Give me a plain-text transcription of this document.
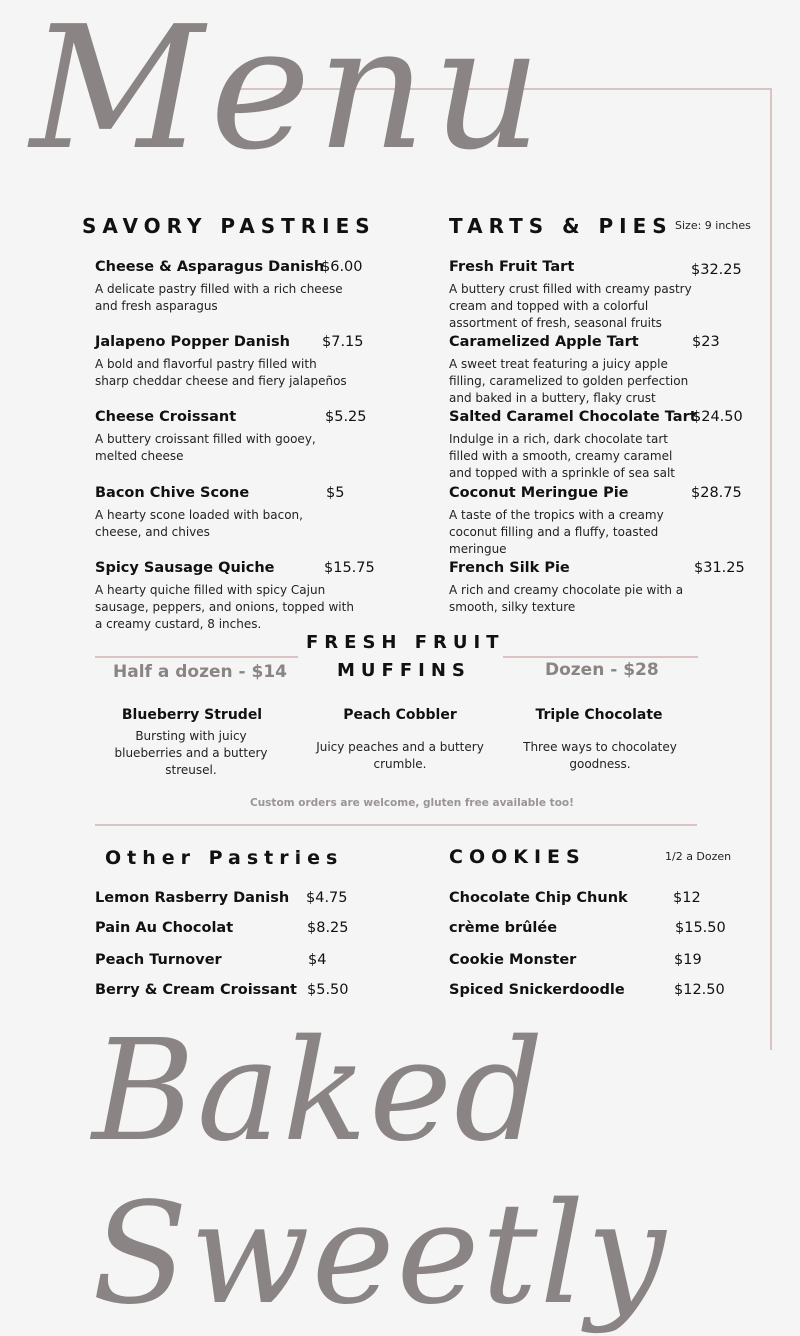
Menu
SAVORY PASTRIES
Cheese & Asparagus Danish
$6.00
A delicate pastry filled with a rich cheese and fresh asparagus
Jalapeno Popper Danish $7.15
A bold and flavorful pastry filled with sharp cheddar cheese and fiery jalapeños
Cheese Croissant	$5.25
A buttery croissant filled with gooey, melted cheese
Bacon Chive Scone	$5
A hearty scone loaded with bacon, cheese, and chives
Spicy Sausage Quiche	$15.75
A hearty quiche filled with spicy Cajun sausage, peppers, and onions, topped with a creamy custard, 8 inches.
TARTS & PIES Size: 9 inches
Fresh Fruit Tart	$32.25
A buttery crust filled with creamy pastry cream and topped with a colorful assortment of fresh, seasonal fruits
Caramelized Apple Tart	$23
A sweet treat featuring a juicy apple filling, caramelized to golden perfection and baked in a buttery, flaky crust
Salted Caramel Chocolate Tart
$24.50
Indulge in a rich, dark chocolate tart filled with a smooth, creamy caramel and topped with a sprinkle of sea salt
Coconut Meringue Pie	$28.75
A taste of the tropics with a creamy coconut filling and a fluffy, toasted meringue
French Silk Pie	$31.25
A rich and creamy chocolate pie with a smooth, silky texture
FRESH FRUIT
MUFFINS
Half a dozen - $14	Dozen - $28
Blueberry Strudel
Bursting with juicy blueberries and a buttery streusel.
Peach Cobbler
Juicy peaches and a buttery crumble.
Triple Chocolate
Three ways to chocolatey goodness.
Custom orders are welcome, gluten free available too!
Other Pastries
Lemon Rasberry Danish $4.75
Pain Au Chocolat	$8.25
Peach Turnover	$4
Berry & Cream Croissant $5.50
COOKIES	1/2 a Dozen
Chocolate Chip Chunk	$12
crème brûlée	$15.50
Cookie Monster	$19
Spiced Snickerdoodle	$12.50
Baked Sweetly
